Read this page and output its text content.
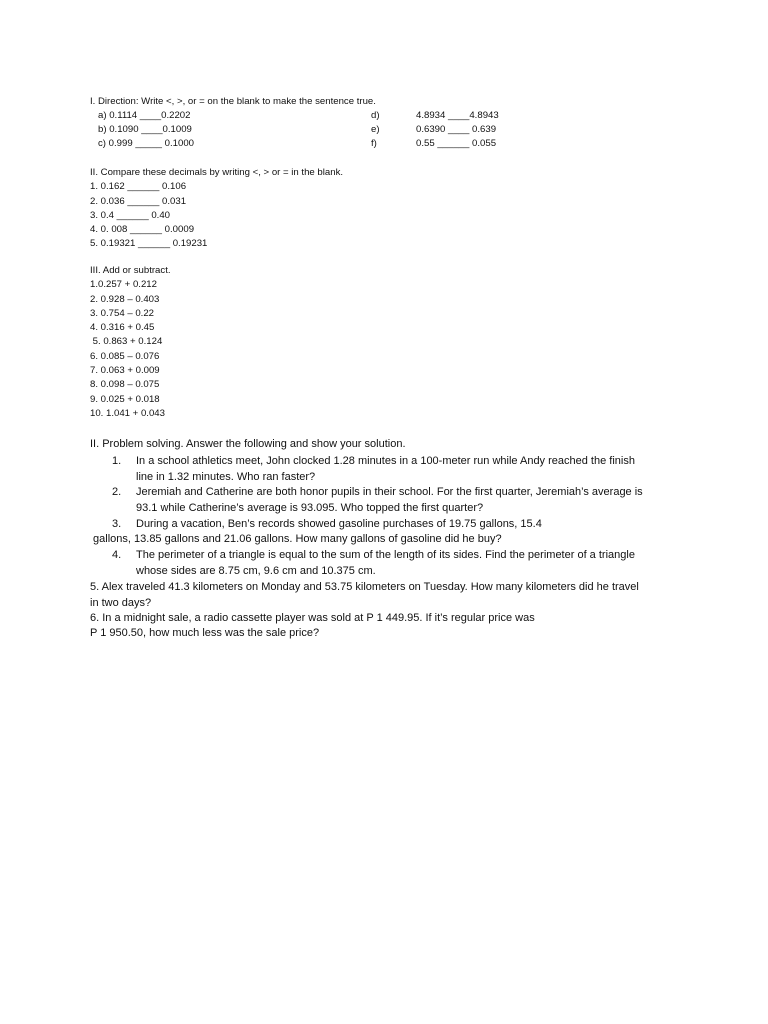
I. Direction: Write <, >, or = on the blank to make the sentence true.
a) 0.1114 ____0.2202
b) 0.1090 ____0.1009
c) 0.999 _____ 0.1000
d)
e)
f)
4.8934 ____4.8943
0.6390 ____ 0.639
0.55 ______ 0.055
II. Compare these decimals by writing <, > or = in the blank.
1. 0.162 ______ 0.106
2. 0.036 ______ 0.031
3. 0.4 ______ 0.40
4. 0. 008 ______ 0.0009
5. 0.19321 ______ 0.19231
III. Add or subtract.
1.0.257 + 0.212
2. 0.928 – 0.403
3. 0.754 – 0.22
4. 0.316 + 0.45
5. 0.863 + 0.124
6. 0.085 – 0.076
7. 0.063 + 0.009
8. 0.098 – 0.075
9. 0.025 + 0.018
10. 1.041 + 0.043
II. Problem solving. Answer the following and show your solution.
1. In a school athletics meet, John clocked 1.28 minutes in a 100-meter run while Andy reached the finish
line in 1.32 minutes. Who ran faster?
2. Jeremiah and Catherine are both honor pupils in their school. For the first quarter, Jeremiah’s average is
93.1 while Catherine’s average is 93.095. Who topped the first quarter?
3. During a vacation, Ben’s records showed gasoline purchases of 19.75 gallons, 15.4
gallons, 13.85 gallons and 21.06 gallons. How many gallons of gasoline did he buy?
4. The perimeter of a triangle is equal to the sum of the length of its sides. Find the perimeter of a triangle
whose sides are 8.75 cm, 9.6 cm and 10.375 cm.
5. Alex traveled 41.3 kilometers on Monday and 53.75 kilometers on Tuesday. How many kilometers did he travel
in two days?
6. In a midnight sale, a radio cassette player was sold at P 1 449.95. If it’s regular price was
P 1 950.50, how much less was the sale price?
